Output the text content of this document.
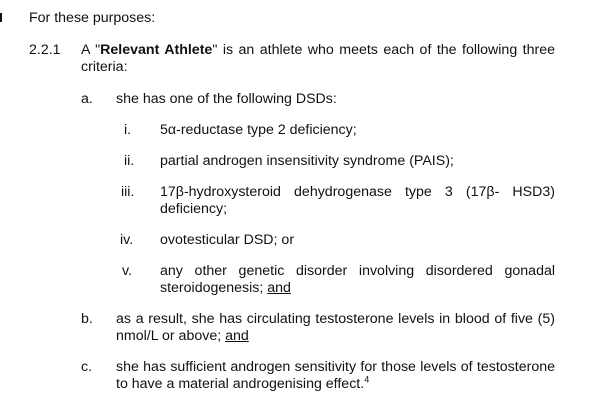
For these purposes:
2.2.1 A "Relevant Athlete" is an athlete who meets each of the following three criteria:
a. she has one of the following DSDs:
i. 5α-reductase type 2 deficiency;
ii. partial androgen insensitivity syndrome (PAIS);
iii. 17β-hydroxysteroid dehydrogenase type 3 (17β- HSD3) deficiency;
iv. ovotesticular DSD; or
v. any other genetic disorder involving disordered gonadal steroidogenesis; and
b. as a result, she has circulating testosterone levels in blood of five (5) nmol/L or above; and
c. she has sufficient androgen sensitivity for those levels of testosterone to have a material androgenising effect.$^4$
